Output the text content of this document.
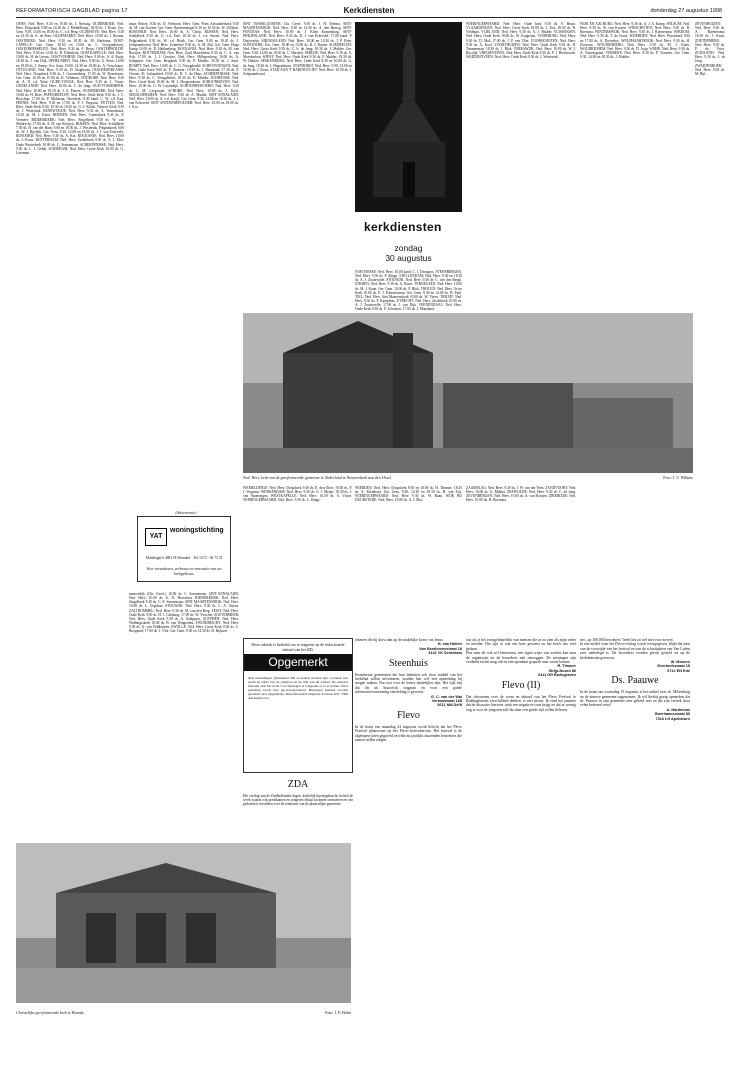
REFORMATORISCH DAGBLAD pagina 17	Kerkdiensten	donderdag 27 augustus 1998

OENE: Ned. Herv. 9.30 en 19.00 ds. J. Niesing. OLDEBROEK: Ned. Herv. Dorpskerk 9.00 en 14.30 ds. J. Middelkoop; 18.30 ds. J. Kruis. Ger. Gem. 9.30, 14.00 en 18.00 ds. C. v.d. Berg. OLDEHOVE: Ned. Herv. 9.30 en 14.30 ds. A. de Boer. OLDEMARKT: Ned. Herv. 10.00 ds. J. Bosma. OOSTBURG: Ned. Herv. 9.30 en 18.30 ds. M. Harkema. OOST-CAPELLE: Ger. Gem. 10.00 en 15.00 ds. L. Vroegindeweij. OOSTERHESSELEN: Ned. Herv. 9.30 ds. F. Bruin. OOSTERWOLDE: Ned. Herv. 9.30 en 14.30 ds. R. Kleinhout. OOSTKAPELLE: Ned. Herv. 10.00 ds. H. de Leeuw. OOSTVOORNE: Ned. Herv. 9.30 ds. A. A. Ruijs; 18.30 ds. J. van Dijk. OPHEUSDEN: Ned. Herv. 9.00 ds. G. Roos; 14.00 en 18.00 ds. J. Sneep. Ger. Gem. 10.00, 14.30 en 18.00 ds. A. Verschuure. OTTOLAND: Ned. Herv. 9.30 ds. D. Slagboom. OUD-BEIJERLAND: Ned. Herv. Dorpskerk 9.30 ds. J. Groenenberg; 17.00 ds. W. Rozeboom. Ger. Gem. 10.00 en 15.00 ds. K. Veldman. OUDDORP: Ned. Herv. 9.30 ds. A. N. v.d. Waal. OUDE-TONGE: Ned. Herv. 9.30 ds. J. Visser. OUDELANDE: Ned. Herv. 10.00 ds. C. de Jong. OUD-VOSSEMEER: Ned. Herv. 10.00 en 18.30 ds. J. A. Pieters. OUWERKERK: Ned. Herv. 10.00 ds. H. Boer. PAPENDRECHT: Ned. Herv. Oude Kerk 9.30 ds. J. C. Bisschop; 17.00 ds. P. Molenaar. Noorderk. 9.30 kand. C. W. v.d. Kaa. PERNIS: Ned. Herv. 9.30 en 17.00 ds. P. J. Vergunst. PUTTEN: Ned. Herv. Oude Kerk 8.30, 10.30 en 18.45 ds. G. J. Kloek. Nieuwe Kerk 9.30 ds. J. Westerink. RENSWOUDE: Ned. Herv. 9.30 ds. A. Vastenhoud; 14.30 ds. M. J. Kater. RHENEN: Ned. Herv. Cunerakerk 9.45 ds. P. Vermeer. RIDDERKERK: Ned. Herv. Singelkerk 9.30 ds. W. van Sliedrecht; 17.00 ds. A. H. van Rooijen. RIJSSEN: Ned. Herv. Schildkerk 7.30 ds. H. van der Ham; 9.00 en 18.30 ds. J. Westerink. Pelgrimkerk 9.00 ds. W. J. Rijsdijk. Ger. Gem. 9.30, 14.00 en 18.30 ds. J. J. van Eckeveld. RIJSOORD: Ned. Herv. 9.30 ds. A. Kot. ROCKANJE: Ned. Herv. 10.00 ds. J. Kruis. ROTTERDAM: Ned. Herv. Zuiderkerk 9.30 ds. A. J. Mos; Oude Westerkerk 10.00 ds. C. Sonnemans. SCHERPENISSE: Ned. Herv. 9.30 ds. L. J. Geluk. SCHIEDAM: Ned. Herv. Grote Kerk 10.00 ds. G. Leseman.

maar. Rehob. 9.30 ds. D. Verboom. Herv. Gem. Prins Alexanderkerk 9.30 ds. M. van Kooten. Ger. Gem. Boezemsingel 9.30 en 16.30 ds. W. Silfhout. RIJSOORD: Ned. Herv. 10.00 ds. A. Christ. RIJSSEN: Ned. Herv. Schildkerk 9.30 ds. G. v.d. End; 18.30 ds. J. v.d. Streek. Ned. Herv. Pelgrimkerk 9.30 ds. W. v.d. Brink. Ger. Gem. 9.00 en 18.45 ds. J. Schipaanboord. Ned. Herv. Zonnehof 9.30 ds. A. M. Bijl. Ger. Gem. Hoge Kamp 10.00 ds. D. Hakkenberg. ROCKANJE: Ned. Herv. 9.30 ds. M. van Rooijen. ROTTERDAM: Ned. Herv. Zuid Maasbloem 9.30 ds. C. A. van Ark; 17.00 ds. J. J. Gerritse. Ned. Herv. Hillegersberg 10.00 ds. A. Schippers. Ger. Gem. Bergkerk 9.30 ds. P. Mulder; 16.30 ds. J. Smit. RUMPT: Ned. Herv. 10.00 ds. C. G. Vreugdenhil. SCHEVENINGEN: Ned. Herv. Oude Kerk 9.00 ds. P. Vermeer; 10.30 ds. J. Maasland; 17.30 ds. F. Oosten. Pr. Julianakerk 10.00 ds. D. C. de Heus. SCHERPENISSE: Ned. Herv. 9.30 ds. C. Vreugdenhil; 18.30 ds. E. Mulder. SCHIEDAM: Ned. Herv. Grote Kerk 10.00 ds. M. J. Hoogendoorn. SCHOONHOVEN: Ned. Herv. 10.00 ds. G. W. Luyendijk. SCHOONREWOERD: Ned. Herv. 9.30 ds. L. M. Leegwater. SCHORE: Ned. Herv. 10.00 ds. J. Kool. SEBALDEBUREN: Ned. Herv. 9.30 ds. A. Mudde. SINT-ANNALAND: Ned. Herv. 10.00 ds. A. v.d. Knijff. Ger. Gem. 9.30, 14.00 en 18.30 ds. J. J. van Eckeveld. SINT-ANTHONIEPOLDER: Ned. Herv. 10.00 en 18.00 ds. J. Kot.

SINT JANSKLOOSTER: Chr. Geref. 9.30 ds. J. H. Velema. SINT-MAARTENSDIJK: Ned. Herv. 9.30 en 14.30 ds. A. den Hartog. SINT-PANCRAS: Ned. Herv. 10.00 ds. J. Klein Kranenburg. SINT-PHILIPSLAND: Ned. Herv. 9.30 ds. D. J. van Eckeveld; 17.00 kand. P. Duijvestijn. SIRJANSLAND: Ned. Herv. 10.00 en 14.30 ds. J. P. Boer. SLEEUWIJK: Ger. Gem. 10.00 en 15.00 ds. B. J. Bruins. SLIEDRECHT: Ned. Herv. Grote Kerk 9.30 ds. C. S. de Jong; 18.30 ds. J. Mulder. Ger. Gem. 9.30, 14.00 en 18.30 ds. C. Harinck. SMILDE: Ned. Herv. 9.30 ds. A. Moerkerken. SOEST: Ned. Herv. Oude Kerk 9.30 ds. F. Mulder; 18.30 ds. W. Dekker. SPAKENBURG: Ned. Herv. Oude Kerk 8.30 en 10.00 ds. G. de Jong; 18.30 ds. J. Hagendoorn. STAPHORST: Ned. Herv. 9.00, 14.00 en 18.30 ds. J. Kruis. STAD AAN 'T HARINGVLIET: Ned. Herv. 10.00 ds. J. Schipaanboord.

kerkdiensten
zondag
30 augustus

STAVENISSE: Ned. Herv. 10.00 kand. C. J. Droogers. STEENBERGEN: Ned. Herv. 9.30 ds. P. Slings. STELLENDAM: Ned. Herv. 9.30 en 18.30 ds. A. J. Zoutewelle. STOLWIJK: Ned. Herv. 9.30 ds. C. van den Bergh. STRIJEN: Ned. Herv. 9.30 ds. G. Roest. TERNEUZEN: Ned. Herv. 10.00 ds. M. J. Kater. Ger. Gem. 10.00 ds. P. Blok. THOLEN: Ned. Herv. Grote Kerk 10.00 ds. E. J. Kloosterman. Ger. Gem. 9.30 en 14.00 ds. H. Paul. TIEL: Ned. Herv. Sint Maartenskerk 10.00 ds. W. Visser. TRICHT: Ned. Herv. 9.30 ds. P. Kamphuis. UTRECHT: Ned. Herv. Jacobikerk 10.00 ds. A. J. Zoutewelle; 17.00 ds. J. van Dijk. VEENENDAAL: Ned. Herv. Oude Kerk 9.30 ds. F. Schouten; 17.00 ds. J. Maasland.

WIERINGERWAARD: Ned. Herv. Oude kerk 9.30 ds. F. Bruin. VLAARDINGEN: Ned. Herv. Grote Kerk 10.00 ds. J. Kot; 18.30 ds. H. Veldman. VLIELAND: Ned. Herv. 9.30 ds. A. J. Mudde. VLISSINGEN: Ned. Herv. Oude Kerk 10.00 ds. W. Koppejan. VOORBURG: Ned. Herv. 9.30 ds. D. Mol; 17.00 ds. J. P. van Vliet. VOORSCHOTEN: Ned. Herv. 9.30 ds. A. Kool. VOORTHUIZEN: Ned. Herv. Oude Kerk 9.30 ds. H. Timmerman; 18.30 ds. J. Blok. VREESWIJK: Ned. Herv. 10.00 ds. W. J. Rijsdijk. VRIEZENVEEN: Ned. Herv. Oude Kerk 9.30 ds. P. J. Biesbrouck. WADDINXVEEN: Ned. Herv. Oude Kerk 9.30 ds. J. Westerink.

WIJK EN AALBURG: Ned. Herv. 9.30 ds. A. J. A. Kamp. WILSUM: Ned. Herv. 9.30 ds. R. van Kooten. WINSCHOTEN: Ned. Herv. 9.30 ds. B. Boersma. WINTERSWIJK: Ned. Herv. 9.30 ds. J. Riemersma. WIRDUM: Ned. Herv. 9.30 ds. T. de Groot. WOERDEN: Ned. Herv. Petruskerk 9.00 en 17.00 ds. A. Doornbos. WOLPHAARTSDIJK: Ned. Herv. 9.30 ds. H. Zweistra. WOUDENBERG: Ned. Herv. 9.30 ds. M. J. Kater. WOUDRICHEM: Ned. Herv. 9.30 ds. D. Juijn. WIJHE: Ned. Herv. 9.30 ds. A. Noordegraaf. YERSEKE: Ned. Herv. 9.30 ds. P. Vermeer. Ger. Gem. 9.30, 14.00 en 18.30 ds. J. Mulder.

ZEVENHUIZEN: Ned. Herv. 9.30 ds. A. Riemersma; 18.30 ds. J. Kruis. ZOETERMEER: Ned. Herv. 9.30 ds. P. de Vries. ZUIDLAND: Ned. Herv. 9.30 ds. J. de Jong. ZWARTEBROEK: Ned. Herv. 9.30 ds. M. Bijl.

Ned. Herv. kerk van de gereformeerde gemeente te Nederland te Nieuwerkerk aan den IJssel.	Foto: J. V. Wilkins
(Advertentie)
YAT
woningstichting
Moddergat 6 4881 JE Klundert · Tel. 0172 - 56 73 33
Voor nieuwbouw, verbouw en renovatie van uw kerkgebouw.

menwedijk (Chr. Geref.) 10.00 ds. C. Sonnemans. SINT-ANNALAND: Ned. Herv. 10.00 ds. A. N. Hoornstra. RIDDERKERK: Ned. Herv. Singelkerk 9.30 ds. C. A. Sonnemans. SINT MAARTENSDIJK: Ned. Herv. 10.00 ds. L. Vogelaar. STOLWIJK: Ned. Herv. 9.30 ds. C. A. Ottens. ZALTBOMMEL: Ned. Herv. 9.30 ds. M. van den Berg. ZEIST: Ned. Herv. Oude Kerk 9.30 ds. H. J. Catsburg; 17.00 ds. W. Visscher. ZOETERMEER: Ned. Herv. Oude Kerk 9.30 ds. A. Schippers. ZUTPHEN: Ned. Herv. Walburgiskerk 10.00 ds. B. van Wingerden. ZWIJNDRECHT: Ned. Herv. 9.30 ds. G. van Veldhuizen. ZWOLLE: Ned. Herv. Grote Kerk 9.30 ds. C. Boogaard; 17.00 ds. J. Vlot. Ger. Gem. 9.30 en 14.30 ds. H. Rijksen.

WEMELDINGE: Ned. Herv. Dorpskerk 9.30 ds. E. den Otter; 18.30 ds. P. J. Vergunst. WERKENDAM: Ned. Herv. 9.30 ds. G. J. Meijer; 18.30 ds. J. van Amerongen. WESTKAPELLE: Ned. Herv. 10.00 ds. A. Visser. WIERINGERWAARD: Ned. Herv. 9.30 ds. L. Slings.

WIERDEN: Ned. Herv. Dorpskerk 8.30 en 10.00 ds. H. Timmer; 18.45 ds. A. Kleinhout. Ger. Gem. 9.30, 14.30 en 18.30 ds. H. van Eijs. WIERINGERWAARD: Ned. Herv. 9.30 ds. W. Baan. WIJK BIJ DUURSTEDE: Ned. Herv. 10.00 ds. A. J. Mos.

ZAAMSLAG: Ned. Herv. 9.30 ds. J. W. van der Veen. ZANDVOORT: Ned. Herv. 10.00 ds. G. Mulder. ZEEWOLDE: Ned. Herv. 9.30 ds. C. de Jong. ZEVENBERGEN: Ned. Herv. 10.00 ds. A. van Rooijen. ZIERIKZEE: Ned. Herv. 10.00 ds. H. Boersma.

Deze rubriek is bedoeld om te reageren op de redactionele inhoud van het RD.
Opgemerkt
Alle inzendingen (maximaal 300 woorden) moeten zijn voorzien van naam en adres van de schrijver en de titel van dit artikel. De redactie behoudt zich het recht voor bijdragen te weigeren of in te korten. Over plaatsing wordt niet gecorrespondeerd. Bijdragen kunnen worden gestuurd naar Opgemerkt, Reformatorisch Dagblad, Postbus 670, 7300 AR Apeldoorn.
ZDA
Het verslag van de Zuidhollandse dagen, kerkelijk bijeengebracht, betreft de week waarin ook predikanten en jongeren elkaar kwamen ontmoeten en van gedachten wisselden over de toekomst van de plaatselijke gemeente.
Christelijke gereformeerde kerk te Haarde.	Foto: J. P. Holm

tekenen die bij dorst dan op de zaakelijke koers van Jezus.

H. van Holten

Van Beethovenstraat 18

3122 VK Schiedam

Steenhuis

Prominente gemeenten die hun lidmaten ook door middel van het kerkblad willen informeren, zouden hier wel een opmerking bij mogen maken. Dat zou voor de lezers duidelijker zijn. Het lijkt mij dat dit uit historisch oogpunt en voor een goede informatievoorziening van belang is geweest.

G. C. van der Wal

Vertowstraat 168

2611 NM Delft

Flevo

In de krant van maandag 24 augustus wordt bericht dat het Flevo Festival plaatsvond op het Flevo-festivalterrein. Het festival is de afgelopen jaren gegroeid en trekt nu jaarlijks duizenden bezoekers die samen willen zingen.

ons als je het evangeliepredikt van mensen die ze zo zien als mijn vader en moeder. Die zijn er ook een keer geweest en het heeft ons veel gedaan.

Hoe men dit ook wil benoemen, een eigen wijze van werken kan men de organisatie en de bezoekers niet ontzeggen. De meningen zijn verdeeld en dat mag ook in een openbaar gesprek naar voren komen.

R. Timmer

Strijp-Noord 86

2411 GR Bodegraven

Flevo (II)

Dat christenen over de vorm en inhoud van het Flevo Festival te Biddinghuizen verschillend denken, is niet nieuw. Ik vind het jammer dat de discussie hierover vaak een negatieve toon krijgt en dat er weinig oog is voor de jongeren zelf die daar een goede tijd willen beleven.

het ,,op 100.000 bezoekers'' heeft het zo wel niet voor zoveel.

In een artikel waar het Flevo-verslag wordt weergegeven, blijkt dat men van de voorzijde van het festival en van de schoolplaten van Van Loden zeer onderlegd is. De bezoekers worden gerust gesteld en op de kerkdiensten gewezen.

W. Mooren

Everbeekstraat 15

6712 EN Ede

Ds. Paauwe

In de krant van woensdag 19 augustus is het artikel over ds. Miltenburg en de nieuwe gemeente opgenomen. Ik wil hierbij graag opmerken dat ds. Paauwe in zijn gemeente zeer geliefd was en dat zijn vertrek door velen betreurd werd.

A. Hardeman

Boerhaavestraat 80

7316 LH Apeldoorn
